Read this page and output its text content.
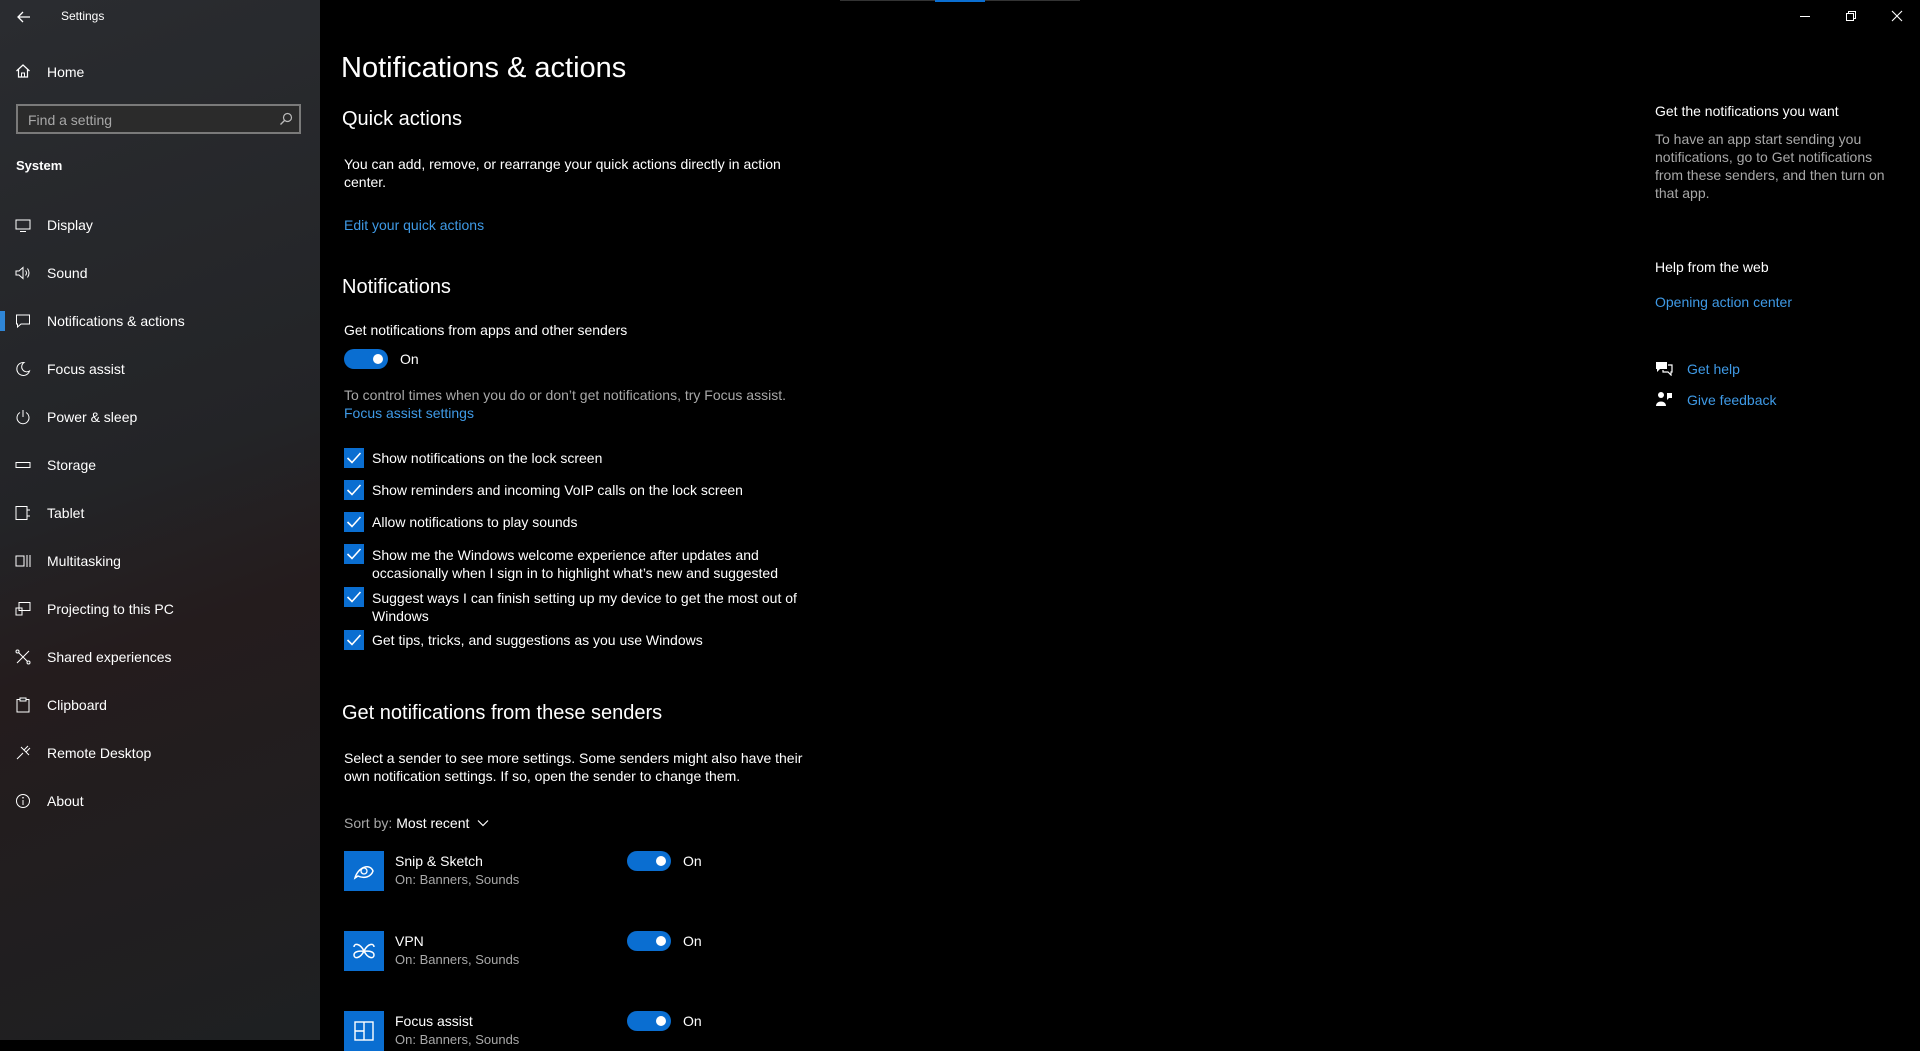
Settings
Home
Find a setting
System
Display
Sound
Notifications & actions
Focus assist
Power & sleep
Storage
Tablet
Multitasking
Projecting to this PC
Shared experiences
Clipboard
Remote Desktop
About
Notifications & actions
Quick actions
You can add, remove, or rearrange your quick actions directly in action center.
Edit your quick actions
Notifications
Get notifications from apps and other senders
On
To control times when you do or don’t get notifications, try Focus assist.
Focus assist settings
Show notifications on the lock screen
Show reminders and incoming VoIP calls on the lock screen
Allow notifications to play sounds
Show me the Windows welcome experience after updates and occasionally when I sign in to highlight what’s new and suggested
Suggest ways I can finish setting up my device to get the most out of Windows
Get tips, tricks, and suggestions as you use Windows
Get notifications from these senders
Select a sender to see more settings. Some senders might also have their own notification settings. If so, open the sender to change them.
Sort by: Most recent
Snip & Sketch
On: Banners, Sounds
On
VPN
On: Banners, Sounds
On
Focus assist
On: Banners, Sounds
On
Get the notifications you want
To have an app start sending you notifications, go to Get notifications from these senders, and then turn on that app.
Help from the web
Opening action center
Get help
Give feedback
